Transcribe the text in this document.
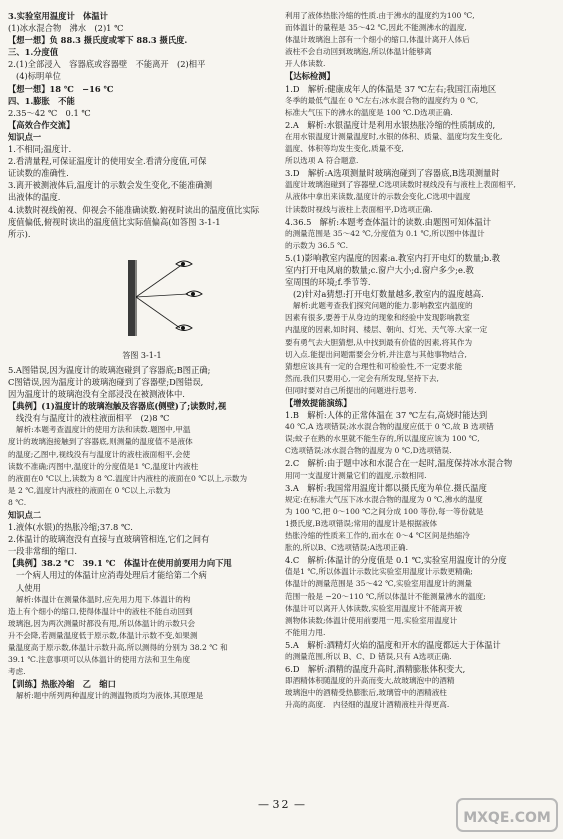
3.实验室用温度计　体温计
(1)冰水混合物　沸水　(2)1 ℃
【想一想】负 88.3 摄氏度或零下 88.3 摄氏度.
三、1.分度值
2.(1)全部浸入　容器底或容器壁　不能离开　(2)相平
(4)标明单位
【想一想】18 ℃　−16 ℃
四、1.膨胀　不能
2.35～42 ℃　0.1 ℃
【高效合作交流】
知识点一
1.不相同;温度计.
2.看清量程,可保证温度计的使用安全.看清分度值,可保
证读数的准确性.
3.离开被测液体后,温度计的示数会发生变化,不能准确测
出液体的温度.
4.读数时视线俯视、仰视会不能准确读数.俯视时读出的温度值比实际
度值偏低,俯视时读出的温度值比实际值偏高(如答图 3-1-1
所示).
答图 3-1-1
5.A图错误,因为温度计的玻璃泡碰到了容器底;B图正确;
C图错误,因为温度计的玻璃泡碰到了容器壁;D图错误,
因为温度计的玻璃泡没有全部浸没在被测液体中.
【典例】(1)温度计的玻璃泡触及容器底(侧壁)了;读数时,视
线没有与温度计的液柱液面相平　(2)8 ℃
解析:本题考查温度计的使用方法和读数.题图中,甲温
度计的玻璃泡接触到了容器底,则测量的温度值不是液体
的温度;乙图中,视线没有与温度计的液柱液面相平,会使
读数不准确;丙图中,温度计的分度值是1 ℃,温度计内液柱
的液面在0 ℃以上,读数为 8 ℃.温度计内液柱的液面在0 ℃以上,示数为
是 2 ℃,温度计内液柱的液面在 0 ℃以上,示数为
8 ℃.
知识点二
1.液体(水银)的热胀冷缩;37.8 ℃.
2.体温计的玻璃泡没有直接与直玻璃管相连,它们之间有
一段非常细的缩口.
【典例】38.2 ℃　39.1 ℃　体温计在使用前要用力向下甩
一个病人用过的体温计应消毒处理后才能给第二个病
人使用
解析:体温计在测量体温时,应先用力甩下.体温计的构
造上有个细小的缩口,使得体温计中的液柱不能自动回到
玻璃泡,因为两次测量时都没有甩,所以体温计的示数只会
升不会降,若测量温度低于原示数,体温计示数不变,如果测
量温度高于原示数,体温计示数升高,所以测得的分别为 38.2 ℃ 和
39.1 ℃.注意事项可以从体温计的使用方法和卫生角度
考虑.
【训练】热胀冷缩　乙　缩口
解析:题中所列两种温度计的测温物质均为液体,其原理是
利用了液体热胀冷缩的性质.由于沸水的温度约为100 ℃,
而体温计的量程是 35～42 ℃,因此不能测沸水的温度,
体温计玻璃泡上部有一个细小的缩口,体温计离开人体后
液柱不会自动回到玻璃泡,所以体温计能够离
开人体读数.
【达标检测】
1.D　解析:健康成年人的体温是 37 ℃左右;我国江南地区
冬季的最低气温在 0 ℃左右;冰水混合物的温度约为 0 ℃,
标准大气压下的沸水的温度是 100 ℃.D选项正确.
2.A　解析:水银温度计是利用水银热胀冷缩的性质制成的,
在用水银温度计测量温度时,水银的体积、质量、温度均发生变化,
温度、体积等均发生变化,质量不变,
所以选项 A 符合题意.
3.D　解析:A选项测量时玻璃泡碰到了容器底,B选项测量时
温度计玻璃泡碰到了容器壁,C选项读数时视线没有与液柱上表面相平,
从液体中拿出来读数,温度计的示数会变化,C选项中温度
计读数时视线与液柱上表面相平,D选项正确.
4.36.5　解析:本题考查体温计的读数.由题图可知体温计
的测量范围是 35～42 ℃,分度值为 0.1 ℃,所以图中体温计
的示数为 36.5 ℃.
5.(1)影响教室内温度的因素:a.教室内打开电灯的数量;b.教
室内打开电风扇的数量;c.窗户大小;d.窗户多少;e.教
室周围的环境;f.季节等.
(2)针对a猜想:打开电灯数量越多,教室内的温度越高.
解析:此题考查我们探究问题的能力.影响教室内温度的
因素有很多,要善于从身边的现象和经验中发现影响教室
内温度的因素,如时间、楼层、朝向、灯光、天气等.大家一定
要有勇气去大胆猜想,从中找到最有价值的因素,将其作为
切入点.能提出问题需要会分析,并注意与其他事物结合,
猜想应该具有一定的合理性和可检验性,不一定要求能
然而,我们只要用心,一定会有所发现,坚持下去,
但同时要对自己所提出的问题进行思考.
【增效提能演练】
1.B　解析:人体的正常体温在 37 ℃左右,高烧时能达到
40 ℃,A 选项错误;冰水混合物的温度应低于 0 ℃,故 B 选项错
误;蚊子在熟的水里就不能生存的,所以温度应该为 100 ℃,
C选项错误;冰水混合物的温度为 0 ℃,D选项错误.
2.C　解析:由于题中冰和水混合在一起时,温度保持冰水混合物
用同一支温度计测量它们的温度,示数相同.
3.A　解析:我国常用温度计都以摄氏度为单位.摄氏温度
规定:在标准大气压下冰水混合物的温度为 0 ℃,沸水的温度
为 100 ℃,把 0～100 ℃之间分成 100 等份,每一等份就是
1摄氏度,B选项错误;常用的温度计是根据液体
热胀冷缩的性质来工作的,而水在 0～4 ℃区间是热缩冷
胀的,所以B、C选项错误;A选项正确.
4.C　解析:体温计的分度值是 0.1 ℃,实验室用温度计的分度
值是1 ℃,所以体温计示数比实验室用温度计示数更精确;
体温计的测量范围是 35～42 ℃,实验室用温度计的测量
范围一般是 −20～110 ℃,所以体温计不能测量沸水的温度;
体温计可以离开人体读数,实验室用温度计不能离开被
测物体读数;体温计使用前要甩一甩,实验室用温度计
不能用力甩.
5.A　解析:酒精灯火焰的温度和开水的温度都远大于体温计
的测量范围,所以 B、C、D 错误,只有 A选项正确.
6.D　解析:酒精的温度升高时,酒精膨胀体积变大,
即酒精体积随温度的升高而变大,故玻璃泡中的酒精
玻璃泡中的酒精受热膨胀后,玻璃管中的酒精液柱
升高的高度.　内径细的温度计酒精液柱升得更高.
— 32 —
MXQE.COM
